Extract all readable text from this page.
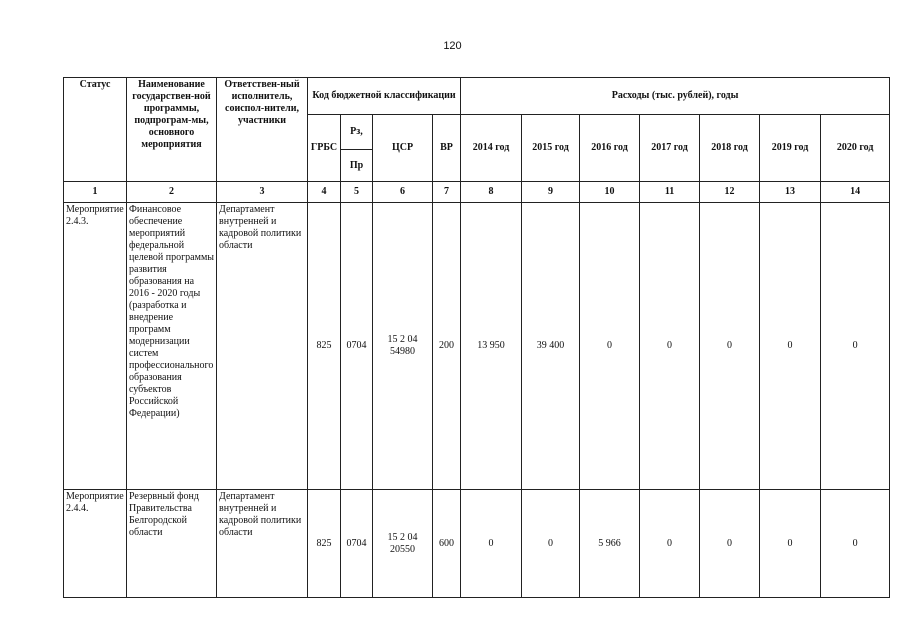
120
Статус	Наименование государствен-ной программы, подпрограм-мы, основного мероприятия	Ответствен-ный исполнитель, соиспол-нители, участники	Код бюджетной классификации				Расходы (тыс. рублей), годы						
			ГРБС	Рз,	ЦСР	ВР	2014 год	2015 год	2016 год	2017 год	2018 год	2019 год	2020 год
				Пр									
1	2	3	4	5	6	7	8	9	10	11	12	13	14
Мероприятие 2.4.3.	Финансовое обеспечение мероприятий федеральной целевой программы развития образования на 2016 - 2020 годы (разработка и внедрение программ модернизации систем профессионального образования субъектов Российской Федерации)	Департамент внутренней и кадровой политики области	825	0704	15 2 04 54980	200	13 950	39 400	0	0	0	0	0
Мероприятие 2.4.4.	Резервный фонд Правительства Белгородской области	Департамент внутренней и кадровой политики области	825	0704	15 2 04 20550	600	0	0	5 966	0	0	0	0
